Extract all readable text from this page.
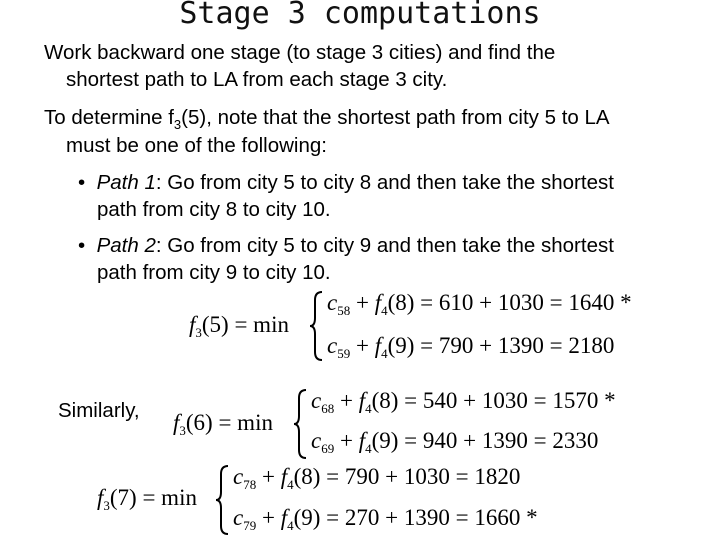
Stage 3 computations
Work backward one stage (to stage 3 cities) and find the
shortest path to LA from each stage 3 city.
To determine $f_3(5)$, note that the shortest path from city 5 to LA
must be one of the following:
•  Path 1: Go from city 5 to city 8 and then take the shortest
path from city 8 to city 10.
•  Path 2: Go from city 5 to city 9 and then take the shortest
path from city 9 to city 10.
Similarly,
$f_3(5) = \min$
$c_{58} + f_4(8) = 610 + 1030 = 1640$ *
$c_{59} + f_4(9) = 790 + 1390 = 2180$
$f_3(6) = \min$
$c_{68} + f_4(8) = 540 + 1030 = 1570$ *
$c_{69} + f_4(9) = 940 + 1390 = 2330$
$f_3(7) = \min$
$c_{78} + f_4(8) = 790 + 1030 = 1820$
$c_{79} + f_4(9) = 270 + 1390 = 1660$ *
